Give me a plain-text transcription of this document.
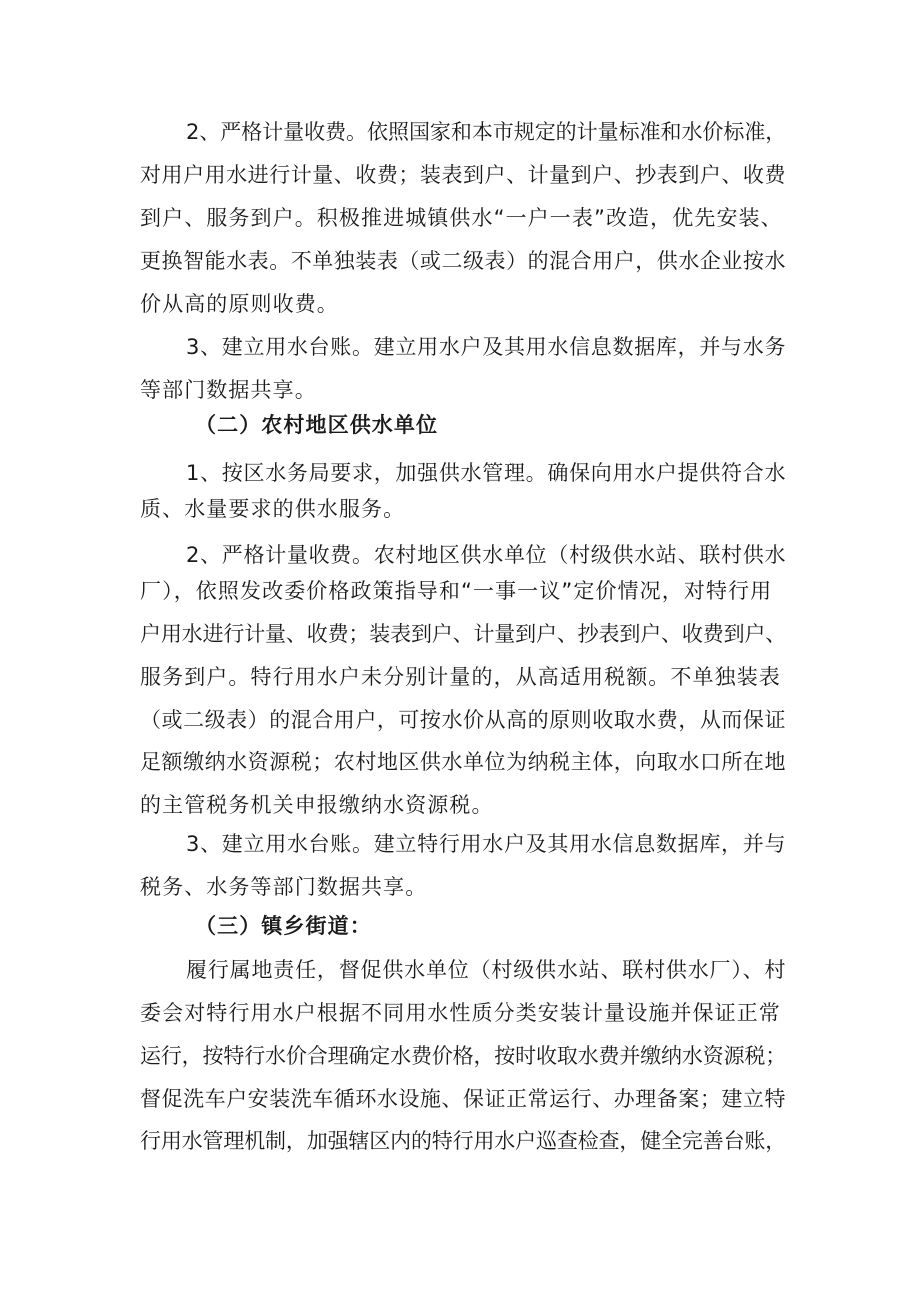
2、严格计量收费。依照国家和本市规定的计量标准和水价标准，
对用户用水进行计量、收费；装表到户、计量到户、抄表到户、收费
到户、服务到户。积极推进城镇供水“一户一表”改造，优先安装、
更换智能水表。不单独装表（或二级表）的混合用户，供水企业按水
价从高的原则收费。
3、建立用水台账。建立用水户及其用水信息数据库，并与水务
等部门数据共享。
（二）农村地区供水单位
1、按区水务局要求，加强供水管理。确保向用水户提供符合水
质、水量要求的供水服务。
2、严格计量收费。农村地区供水单位（村级供水站、联村供水
厂），依照发改委价格政策指导和“一事一议”定价情况，对特行用
户用水进行计量、收费；装表到户、计量到户、抄表到户、收费到户、
服务到户。特行用水户未分别计量的，从高适用税额。不单独装表
（或二级表）的混合用户，可按水价从高的原则收取水费，从而保证
足额缴纳水资源税；农村地区供水单位为纳税主体，向取水口所在地
的主管税务机关申报缴纳水资源税。
3、建立用水台账。建立特行用水户及其用水信息数据库，并与
税务、水务等部门数据共享。
（三）镇乡街道：
履行属地责任，督促供水单位（村级供水站、联村供水厂）、村
委会对特行用水户根据不同用水性质分类安装计量设施并保证正常
运行，按特行水价合理确定水费价格，按时收取水费并缴纳水资源税；
督促洗车户安装洗车循环水设施、保证正常运行、办理备案；建立特
行用水管理机制，加强辖区内的特行用水户巡查检查，健全完善台账，
